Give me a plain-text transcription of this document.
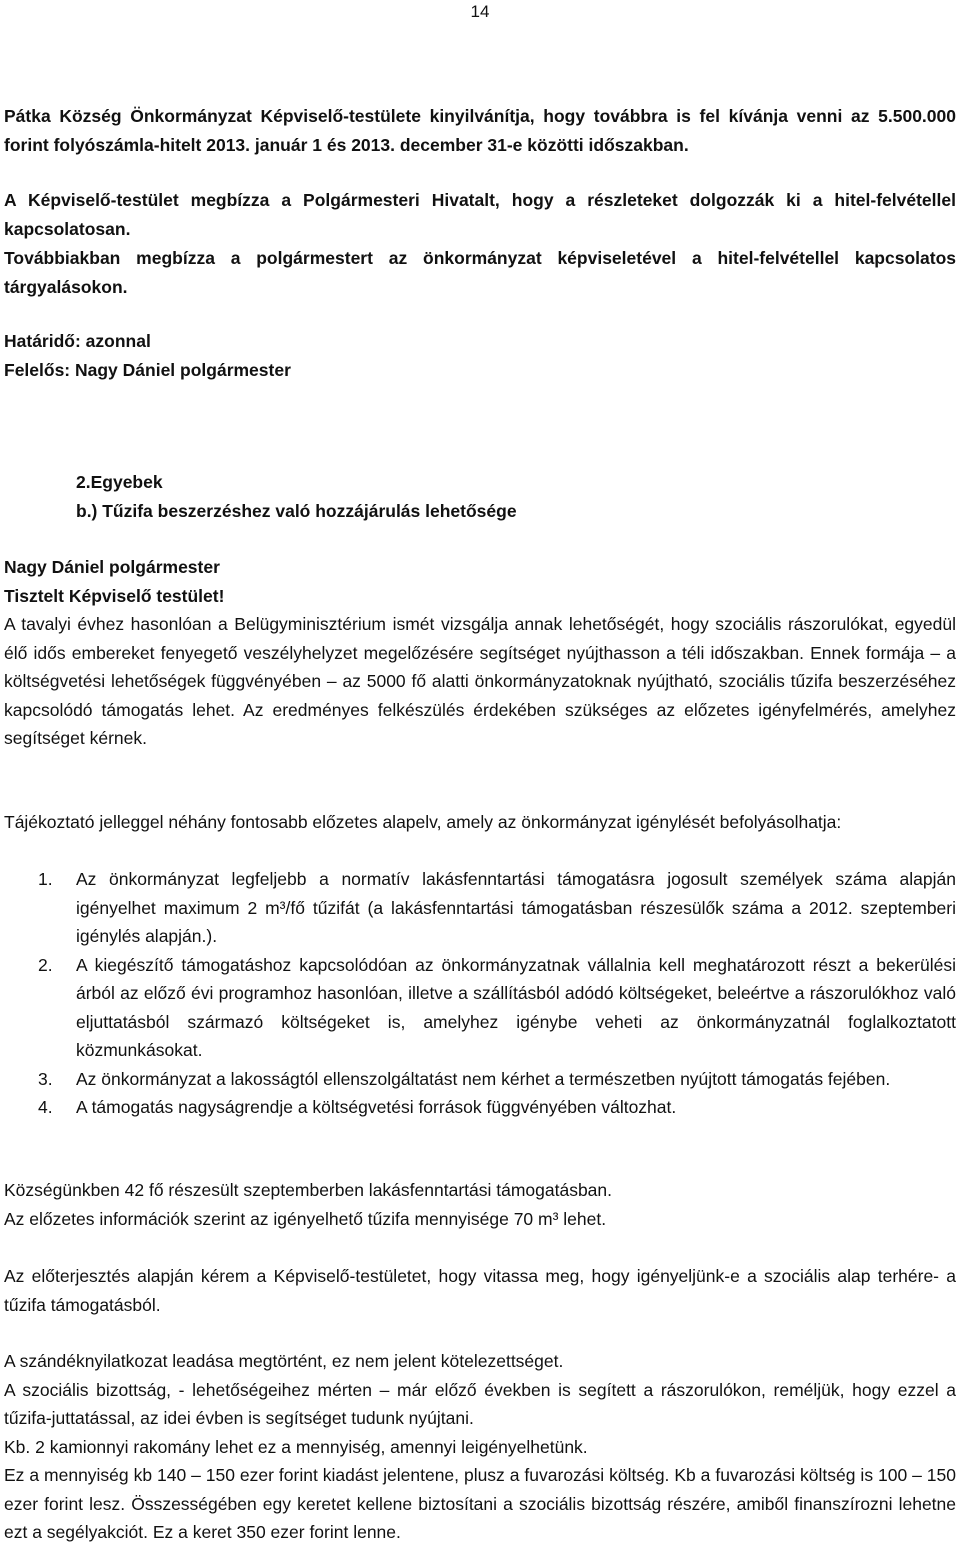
14
Pátka Község Önkormányzat Képviselő-testülete kinyilvánítja, hogy továbbra is fel kívánja venni az 5.500.000 forint folyószámla-hitelt 2013. január 1 és 2013. december 31-e közötti időszakban.
A Képviselő-testület megbízza a Polgármesteri Hivatalt, hogy a részleteket dolgozzák ki a hitel-felvétellel kapcsolatosan.
Továbbiakban megbízza a polgármestert az önkormányzat képviseletével a hitel-felvétellel kapcsolatos tárgyalásokon.
Határidő: azonnal
Felelős: Nagy Dániel polgármester
2.Egyebek
b.) Tűzifa beszerzéshez való hozzájárulás lehetősége
Nagy Dániel polgármester
Tisztelt Képviselő testület!
A tavalyi évhez hasonlóan a Belügyminisztérium ismét vizsgálja annak lehetőségét, hogy szociális rászorulókat, egyedül élő idős embereket fenyegető veszélyhelyzet megelőzésére segítséget nyújthasson a téli időszakban. Ennek formája – a költségvetési lehetőségek függvényében – az 5000 fő alatti önkormányzatoknak nyújtható, szociális tűzifa beszerzéséhez kapcsolódó támogatás lehet. Az eredményes felkészülés érdekében szükséges az előzetes igényfelmérés, amelyhez segítséget kérnek.
Tájékoztató jelleggel néhány fontosabb előzetes alapelv, amely az önkormányzat igénylését befolyásolhatja:
1. Az önkormányzat legfeljebb a normatív lakásfenntartási támogatásra jogosult személyek száma alapján igényelhet maximum 2 m³/fő tűzifát (a lakásfenntartási támogatásban részesülők száma a 2012. szeptemberi igénylés alapján.).
2. A kiegészítő támogatáshoz kapcsolódóan az önkormányzatnak vállalnia kell meghatározott részt a bekerülési árból az előző évi programhoz hasonlóan, illetve a szállításból adódó költségeket, beleértve a rászorulókhoz való eljuttatásból származó költségeket is, amelyhez igénybe veheti az önkormányzatnál foglalkoztatott közmunkásokat.
3. Az önkormányzat a lakosságtól ellenszolgáltatást nem kérhet a természetben nyújtott támogatás fejében.
4. A támogatás nagyságrendje a költségvetési források függvényében változhat.
Községünkben 42 fő részesült szeptemberben lakásfenntartási támogatásban.
Az előzetes információk szerint az igényelhető tűzifa mennyisége 70 m³ lehet.
Az előterjesztés alapján kérem a Képviselő-testületet, hogy vitassa meg, hogy igényeljünk-e a szociális alap terhére- a tűzifa támogatásból.
A szándéknyilatkozat leadása megtörtént, ez nem jelent kötelezettséget.
A szociális bizottság, - lehetőségeihez mérten – már előző években is segített a rászorulókon, reméljük, hogy ezzel a tűzifa-juttatással, az idei évben is segítséget tudunk nyújtani.
Kb. 2 kamionnyi rakomány lehet ez a mennyiség, amennyi leigényelhetünk.
Ez a mennyiség kb 140 – 150 ezer forint kiadást jelentene, plusz a fuvarozási költség. Kb a fuvarozási költség is 100 – 150 ezer forint lesz. Összességében egy keretet kellene biztosítani a szociális bizottság részére, amiből finanszírozni lehetne ezt a segélyakciót. Ez a keret 350 ezer forint lenne.
